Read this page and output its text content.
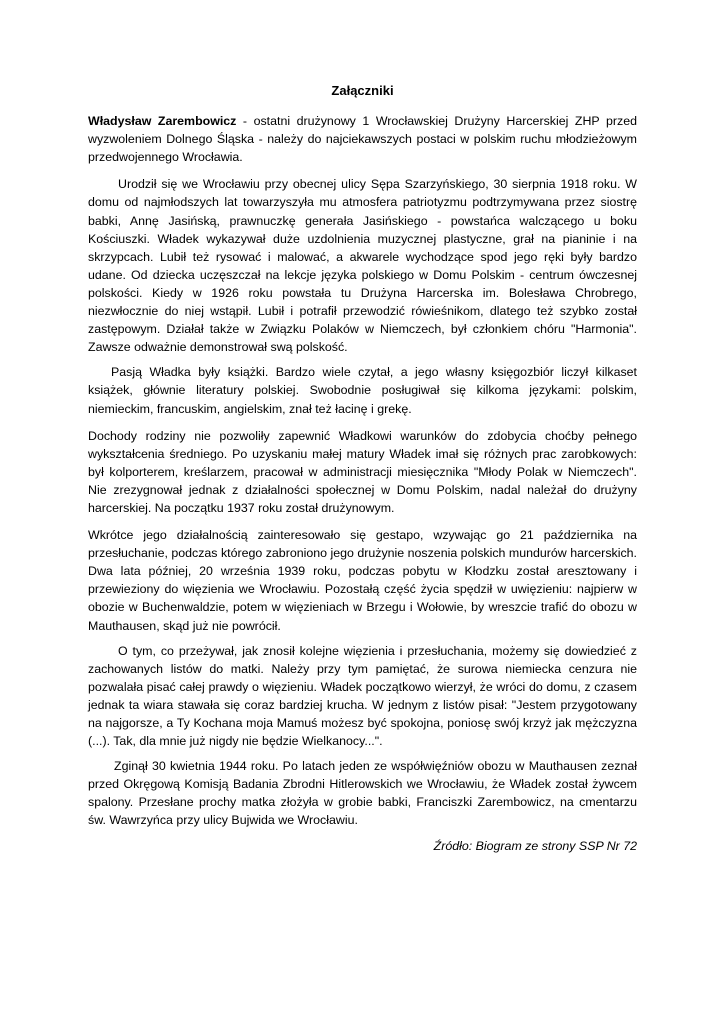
Załączniki

Władysław Zarembowicz - ostatni drużynowy 1 Wrocławskiej Drużyny Harcerskiej ZHP przed wyzwoleniem Dolnego Śląska - należy do najciekawszych postaci w polskim ruchu młodzieżowym przedwojennego Wrocławia.

Urodził się we Wrocławiu przy obecnej ulicy Sępa Szarzyńskiego, 30 sierpnia 1918 roku. W domu od najmłodszych lat towarzyszyła mu atmosfera patriotyzmu podtrzymywana przez siostrę babki, Annę Jasińską, prawnuczkę generała Jasińskiego - powstańca walczącego u boku Kościuszki. Władek wykazywał duże uzdolnienia muzycznej plastyczne, grał na pianinie i na skrzypcach. Lubił też rysować i malować, a akwarele wychodzące spod jego ręki były bardzo udane. Od dziecka uczęszczał na lekcje języka polskiego w Domu Polskim - centrum ówczesnej polskości. Kiedy w 1926 roku powstała tu Drużyna Harcerska im. Bolesława Chrobrego, niezwłocznie do niej wstąpił. Lubił i potrafił przewodzić rówieśnikom, dlatego też szybko został zastępowym. Działał także w Związku Polaków w Niemczech, był członkiem chóru "Harmonia". Zawsze odważnie demonstrował swą polskość.

Pasją Władka były książki. Bardzo wiele czytał, a jego własny księgozbiór liczył kilkaset książek, głównie literatury polskiej. Swobodnie posługiwał się kilkoma językami: polskim, niemieckim, francuskim, angielskim, znał też łacinę i grekę.

Dochody rodziny nie pozwoliły zapewnić Władkowi warunków do zdobycia choćby pełnego wykształcenia średniego. Po uzyskaniu małej matury Władek imał się różnych prac zarobkowych: był kolporterem, kreślarzem, pracował w administracji miesięcznika "Młody Polak w Niemczech". Nie zrezygnował jednak z działalności społecznej w Domu Polskim, nadal należał do drużyny harcerskiej. Na początku 1937 roku został drużynowym.

Wkrótce jego działalnością zainteresowało się gestapo, wzywając go 21 października na przesłuchanie, podczas którego zabroniono jego drużynie noszenia polskich mundurów harcerskich. Dwa lata później, 20 września 1939 roku, podczas pobytu w Kłodzku został aresztowany i przewieziony do więzienia we Wrocławiu. Pozostałą część życia spędził w uwięzieniu: najpierw w obozie w Buchenwaldzie, potem w więzieniach w Brzegu i Wołowie, by wreszcie trafić do obozu w Mauthausen, skąd już nie powrócił.

O tym, co przeżywał, jak znosił kolejne więzienia i przesłuchania, możemy się dowiedzieć z zachowanych listów do matki. Należy przy tym pamiętać, że surowa niemiecka cenzura nie pozwalała pisać całej prawdy o więzieniu. Władek początkowo wierzył, że wróci do domu, z czasem jednak ta wiara stawała się coraz bardziej krucha. W jednym z listów pisał: "Jestem przygotowany na najgorsze, a Ty Kochana moja Mamuś możesz być spokojna, poniosę swój krzyż jak mężczyzna (...). Tak, dla mnie już nigdy nie będzie Wielkanocy...".

Zginął 30 kwietnia 1944 roku. Po latach jeden ze współwięźniów obozu w Mauthausen zeznał przed Okręgową Komisją Badania Zbrodni Hitlerowskich we Wrocławiu, że Władek został żywcem spalony. Przesłane prochy matka złożyła w grobie babki, Franciszki Zarembowicz, na cmentarzu św. Wawrzyńca przy ulicy Bujwida we Wrocławiu.

Źródło: Biogram ze strony SSP Nr 72
